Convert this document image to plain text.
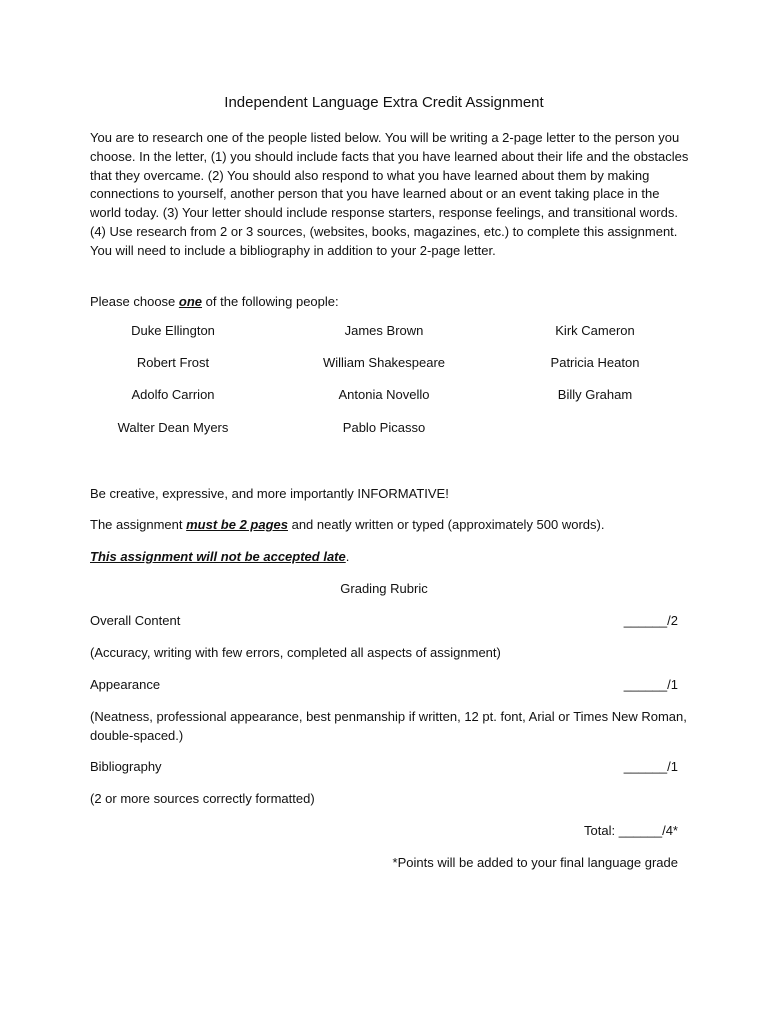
Independent Language Extra Credit Assignment

You are to research one of the people listed below. You will be writing a 2-page letter to the person you choose. In the letter, (1) you should include facts that you have learned about their life and the obstacles that they overcame. (2) You should also respond to what you have learned about them by making connections to yourself, another person that you have learned about or an event taking place in the world today. (3) Your letter should include response starters, response feelings, and transitional words. (4) Use research from 2 or 3 sources, (websites, books, magazines, etc.) to complete this assignment. You will need to include a bibliography in addition to your 2-page letter.

Please choose one of the following people:
Duke Ellington	James Brown	Kirk Cameron
Robert Frost	William Shakespeare	Patricia Heaton
Adolfo Carrion	Antonia Novello	Billy Graham
Walter Dean Myers	Pablo Picasso
Be creative, expressive, and more importantly INFORMATIVE!
The assignment must be 2 pages and neatly written or typed (approximately 500 words).
This assignment will not be accepted late.
Grading Rubric
Overall Content	______/2
(Accuracy, writing with few errors, completed all aspects of assignment)
Appearance	______/1
(Neatness, professional appearance, best penmanship if written, 12 pt. font, Arial or Times New Roman, double-spaced.)
Bibliography	______/1
(2 or more sources correctly formatted)
Total: ______/4*
*Points will be added to your final language grade
